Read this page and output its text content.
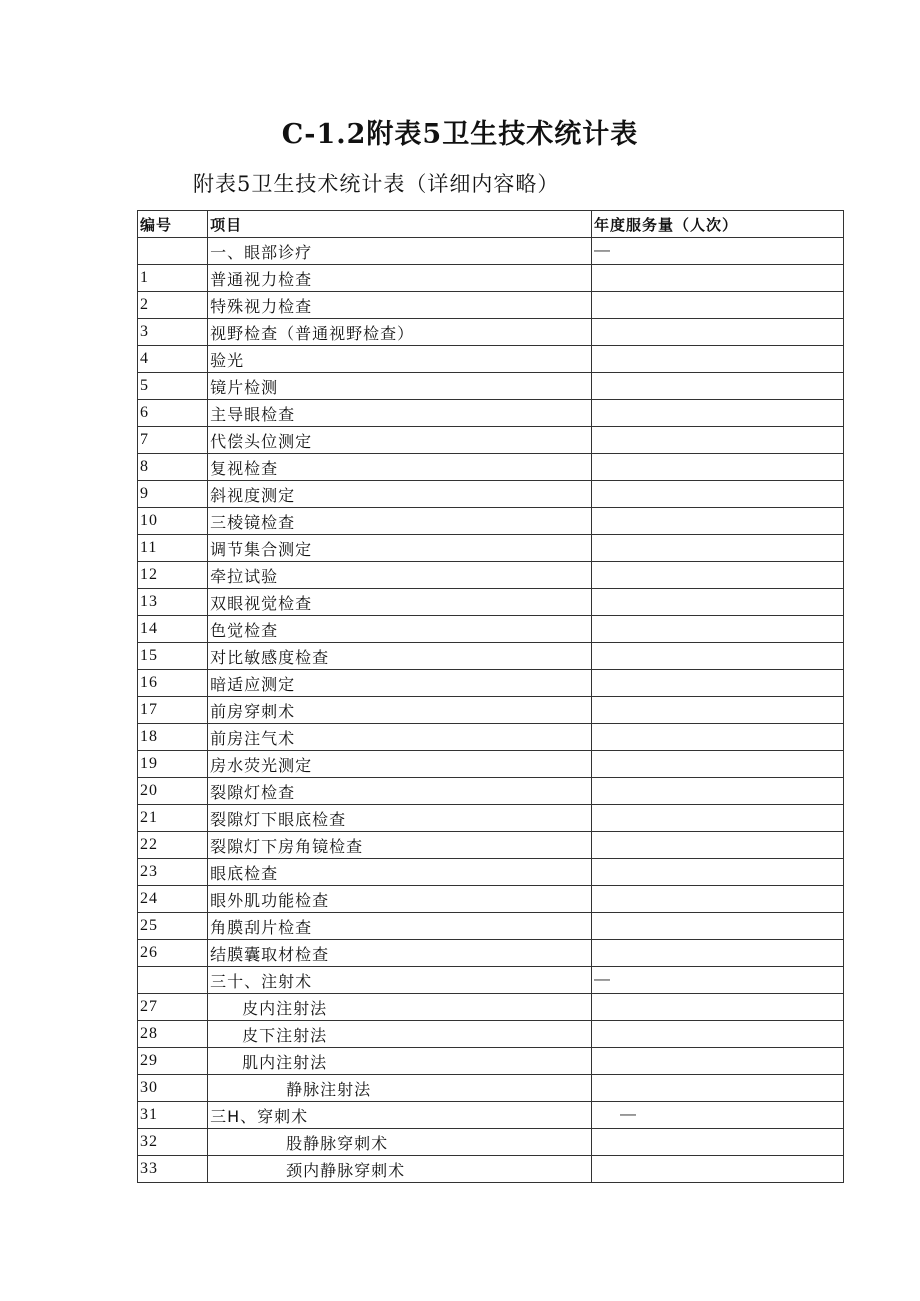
C-1.2附表5卫生技术统计表

附表5卫生技术统计表（详细内容略）

编号	项目	年度服务量（人次）
	一、眼部诊疗	—
1	普通视力检查	
2	特殊视力检查	
3	视野检查（普通视野检查）	
4	验光	
5	镜片检测	
6	主导眼检查	
7	代偿头位测定	
8	复视检查	
9	斜视度测定	
10	三棱镜检查	
11	调节集合测定	
12	牵拉试验	
13	双眼视觉检查	
14	色觉检查	
15	对比敏感度检查	
16	暗适应测定	
17	前房穿刺术	
18	前房注气术	
19	房水荧光测定	
20	裂隙灯检查	
21	裂隙灯下眼底检查	
22	裂隙灯下房角镜检查	
23	眼底检查	
24	眼外肌功能检查	
25	角膜刮片检查	
26	结膜囊取材检查	
	三十、注射术	—
27	皮内注射法	
28	皮下注射法	
29	肌内注射法	
30	静脉注射法	
31	三H、穿刺术	—
32	股静脉穿刺术	
33	颈内静脉穿刺术	
